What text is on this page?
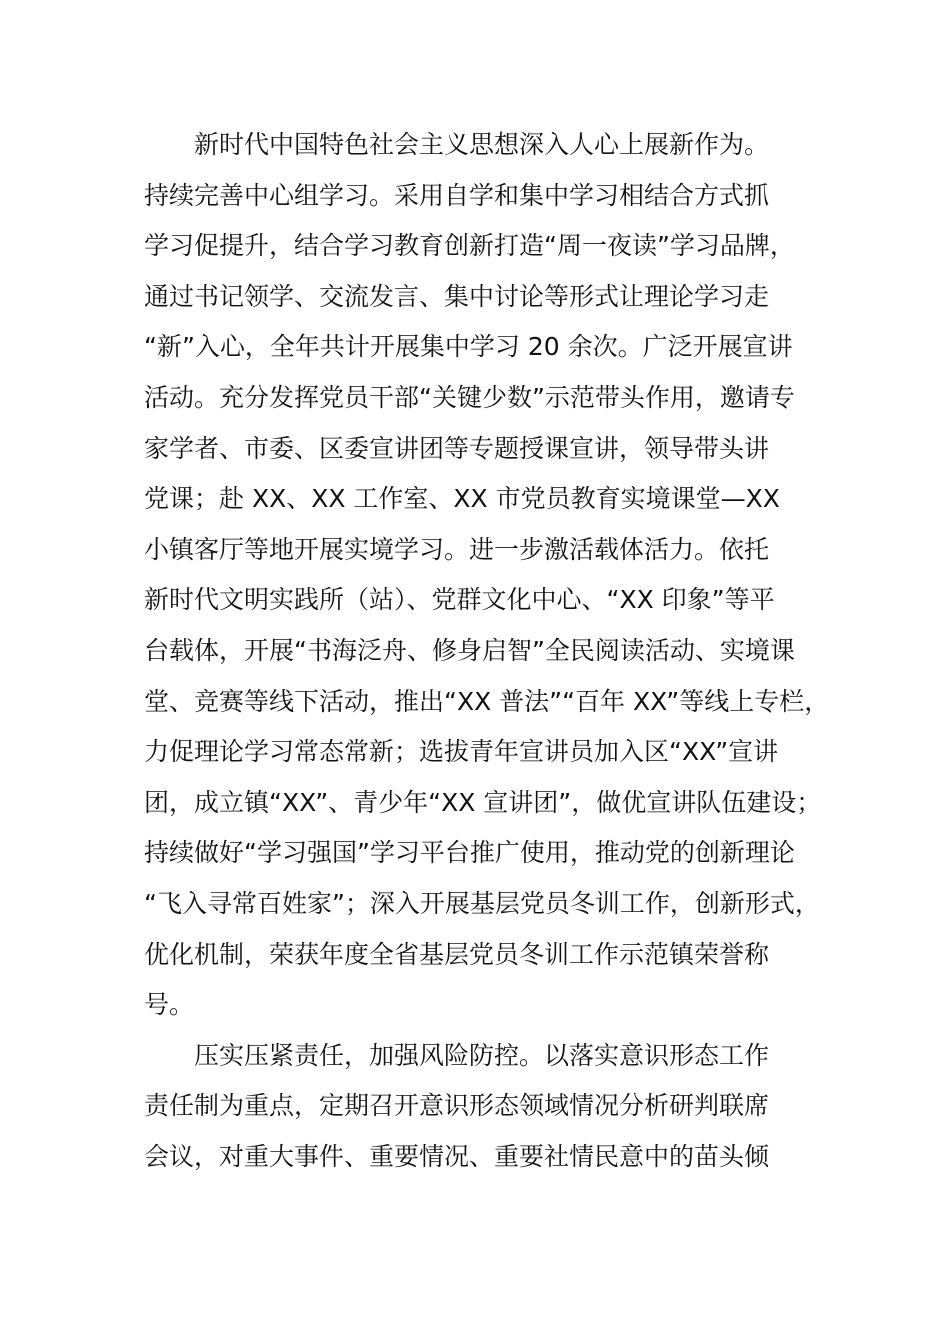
新时代中国特色社会主义思想深入人心上展新作为。
持续完善中心组学习。采用自学和集中学习相结合方式抓
学习促提升，结合学习教育创新打造“周一夜读”学习品牌，
通过书记领学、交流发言、集中讨论等形式让理论学习走
“新”入心，全年共计开展集中学习 20 余次。广泛开展宣讲
活动。充分发挥党员干部“关键少数”示范带头作用，邀请专
家学者、市委、区委宣讲团等专题授课宣讲，领导带头讲
党课；赴 XX、XX 工作室、XX 市党员教育实境课堂—XX
小镇客厅等地开展实境学习。进一步激活载体活力。依托
新时代文明实践所（站）、党群文化中心、“XX 印象”等平
台载体，开展“书海泛舟、修身启智”全民阅读活动、实境课
堂、竞赛等线下活动，推出“XX 普法”“百年 XX”等线上专栏，
力促理论学习常态常新；选拔青年宣讲员加入区“XX”宣讲
团，成立镇“XX”、青少年“XX 宣讲团”，做优宣讲队伍建设；
持续做好“学习强国”学习平台推广使用，推动党的创新理论
“飞入寻常百姓家”；深入开展基层党员冬训工作，创新形式，
优化机制，荣获年度全省基层党员冬训工作示范镇荣誉称
号。
压实压紧责任，加强风险防控。以落实意识形态工作
责任制为重点，定期召开意识形态领域情况分析研判联席
会议，对重大事件、重要情况、重要社情民意中的苗头倾
